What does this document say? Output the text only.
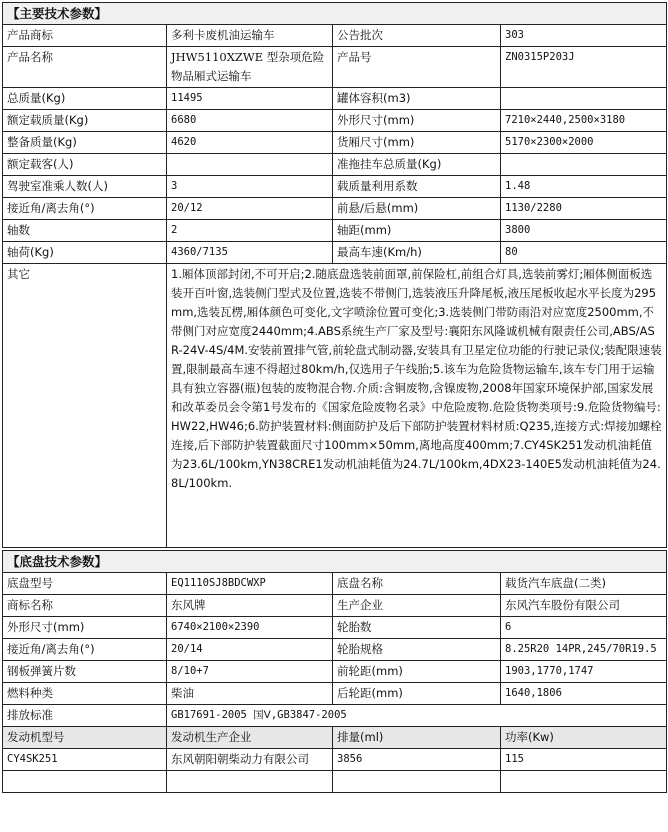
【主要技术参数】			
产品商标	多利卡废机油运输车	公告批次	303
产品名称	JHW5110XZWE 型杂项危险物品厢式运输车	产品号	ZN0315P203J
总质量(Kg)	11495	罐体容积(m3)	
额定载质量(Kg)	6680	外形尺寸(mm)	7210×2440,2500×3180
整备质量(Kg)	4620	货厢尺寸(mm)	5170×2300×2000
额定载客(人)		准拖挂车总质量(Kg)	
驾驶室准乘人数(人)	3	载质量利用系数	1.48
接近角/离去角(°)	20/12	前悬/后悬(mm)	1130/2280
轴数	2	轴距(mm)	3800
轴荷(Kg)	4360/7135	最高车速(Km/h)	80
其它	1.厢体顶部封闭,不可开启;2.随底盘选装前面罩,前保险杠,前组合灯具,选装前雾灯;厢体侧面板选装开百叶窗,选装侧门型式及位置,选装不带侧门,选装液压升降尾板,液压尾板收起水平长度为295mm,选装瓦楞,厢体颜色可变化,文字喷涂位置可变化;3.选装侧门带防雨沿对应宽度2500mm,不带侧门对应宽度2440mm;4.ABS系统生产厂家及型号:襄阳东风隆诚机械有限责任公司,ABS/ASR-24V-4S/4M.安装前置排气管,前轮盘式制动器,安装具有卫星定位功能的行驶记录仪;装配限速装置,限制最高车速不得超过80km/h,仅选用子午线胎;5.该车为危险货物运输车,该车专门用于运输具有独立容器(瓶)包装的废物混合物.介质:含铜废物,含镍废物,2008年国家环境保护部,国家发展和改革委员会令第1号发布的《国家危险废物名录》中危险废物.危险货物类项号:9.危险货物编号:HW22,HW46;6.防护装置材料:侧面防护及后下部防护装置材料材质:Q235,连接方式:焊接加螺栓连接,后下部防护装置截面尺寸100mm×50mm,离地高度400mm;7.CY4SK251发动机油耗值为23.6L/100km,YN38CRE1发动机油耗值为24.7L/100km,4DX23-140E5发动机油耗值为24.8L/100km.		
【底盘技术参数】			
底盘型号	EQ1110SJ8BDCWXP	底盘名称	载货汽车底盘(二类)
商标名称	东风牌	生产企业	东风汽车股份有限公司
外形尺寸(mm)	6740×2100×2390	轮胎数	6
接近角/离去角(°)	20/14	轮胎规格	8.25R20 14PR,245/70R19.5
钢板弹簧片数	8/10+7	前轮距(mm)	1903,1770,1747
燃料种类	柴油	后轮距(mm)	1640,1806
排放标准	GB17691-2005 国Ⅴ,GB3847-2005		
发动机型号	发动机生产企业	排量(ml)	功率(Kw)
CY4SK251	东风朝阳朝柴动力有限公司	3856	115
